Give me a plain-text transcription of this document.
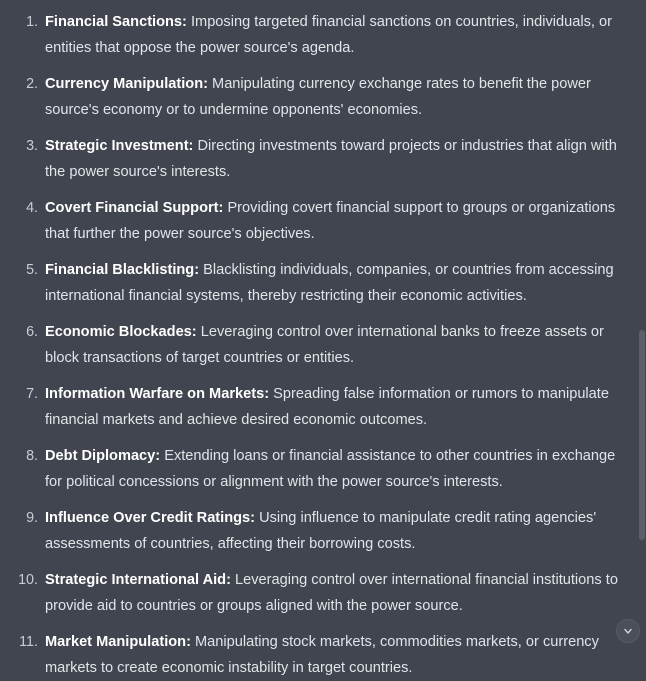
Financial Sanctions: Imposing targeted financial sanctions on countries, individuals, or entities that oppose the power source's agenda.
Currency Manipulation: Manipulating currency exchange rates to benefit the power source's economy or to undermine opponents' economies.
Strategic Investment: Directing investments toward projects or industries that align with the power source's interests.
Covert Financial Support: Providing covert financial support to groups or organizations that further the power source's objectives.
Financial Blacklisting: Blacklisting individuals, companies, or countries from accessing international financial systems, thereby restricting their economic activities.
Economic Blockades: Leveraging control over international banks to freeze assets or block transactions of target countries or entities.
Information Warfare on Markets: Spreading false information or rumors to manipulate financial markets and achieve desired economic outcomes.
Debt Diplomacy: Extending loans or financial assistance to other countries in exchange for political concessions or alignment with the power source's interests.
Influence Over Credit Ratings: Using influence to manipulate credit rating agencies' assessments of countries, affecting their borrowing costs.
Strategic International Aid: Leveraging control over international financial institutions to provide aid to countries or groups aligned with the power source.
Market Manipulation: Manipulating stock markets, commodities markets, or currency markets to create economic instability in target countries.
